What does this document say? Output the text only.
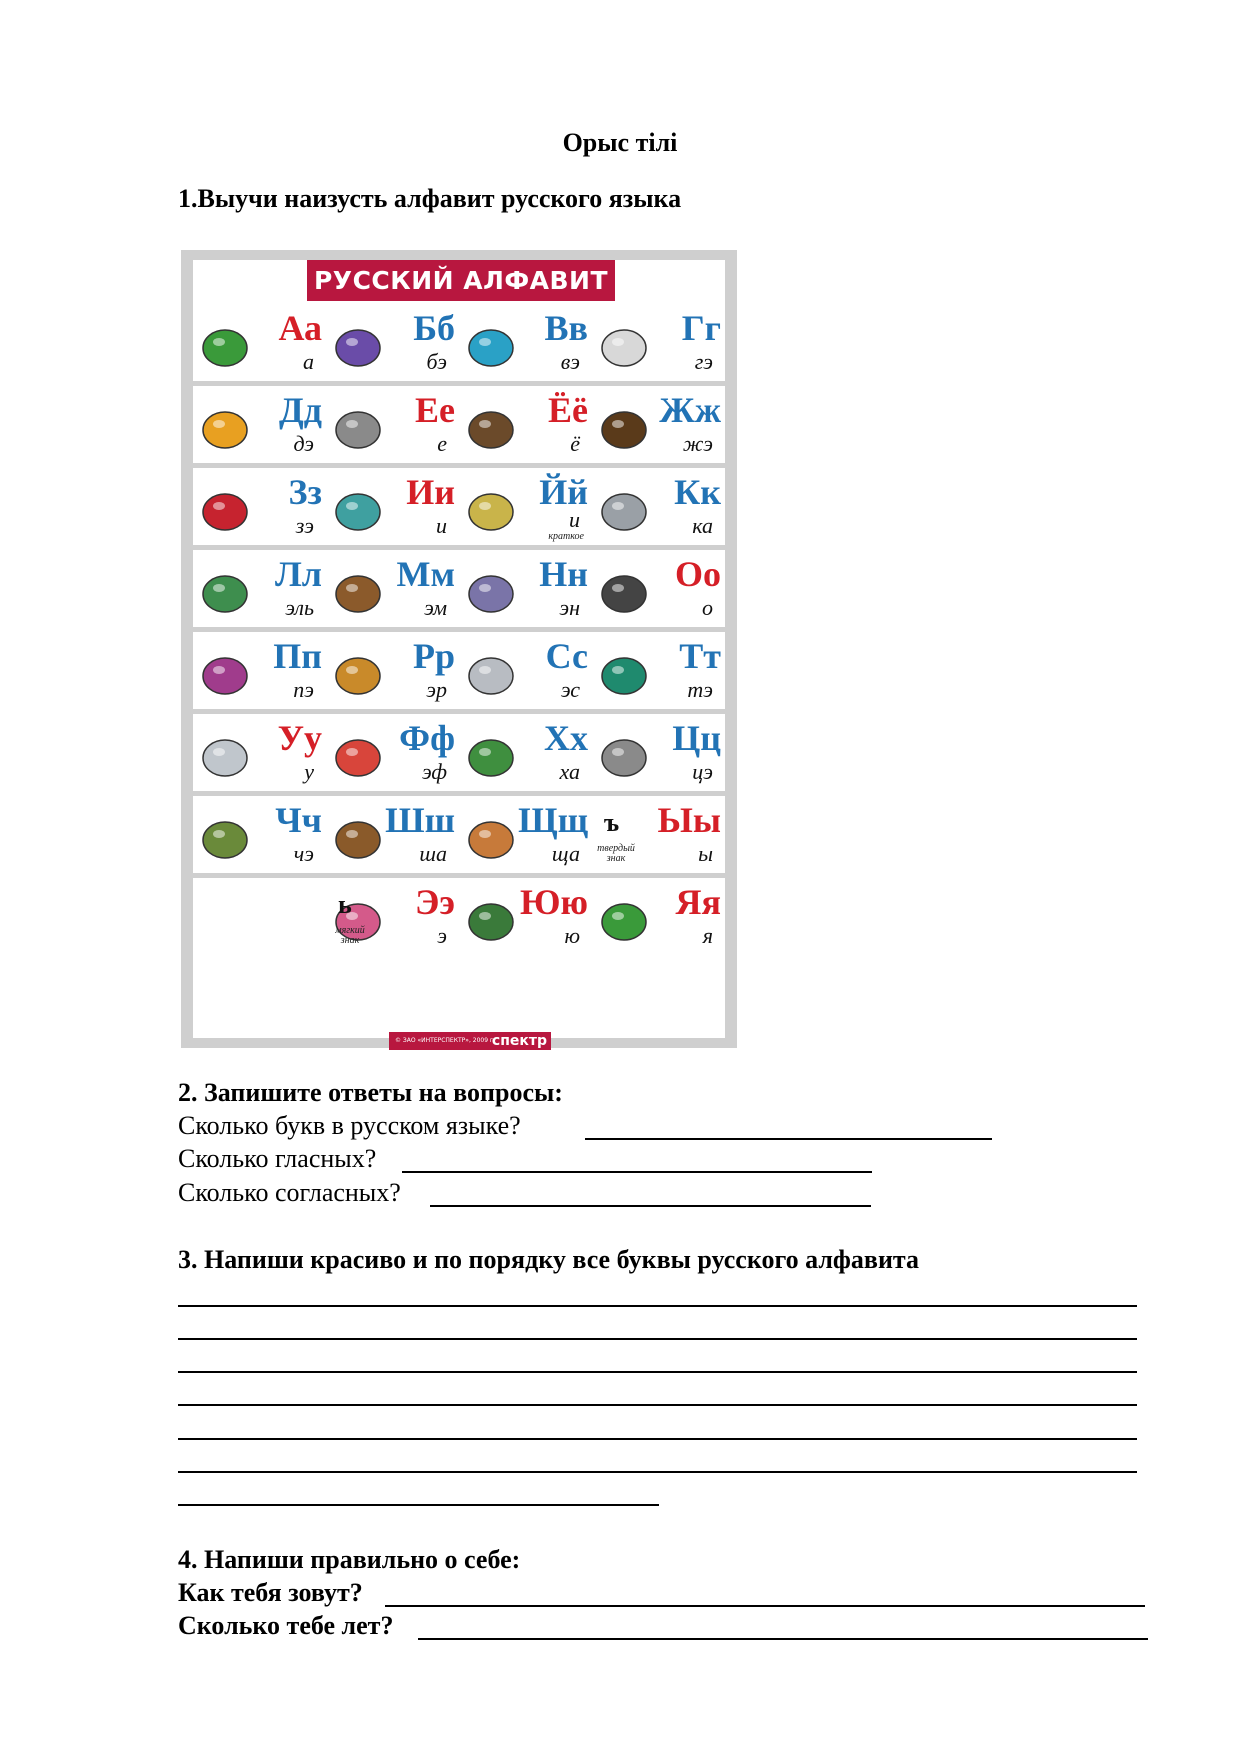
Орыс тілі
1.Выучи наизусть алфавит русского языка
РУССКИЙ АЛФАВИТ
Аа
а
Бб
бэ
Вв
вэ
Гг
гэ
Дд
дэ
Ее
е
Ёё
ё
Жж
жэ
Зз
зэ
Ии
и
Йй
и
краткое
Кк
ка
Лл
эль
Мм
эм
Нн
эн
Оо
о
Пп
пэ
Рр
эр
Сс
эс
Тт
тэ
Уу
у
Фф
эф
Хх
ха
Цц
цэ
Чч
чэ
Шш
ша
Щщ
ща
ъ
твердый знак
Ыы
ы
ь
мягкий знак
Ээ
э
Юю
ю
Яя
я
© ЗАО «ИНТЕРСПЕКТР», 2009 г.
спектр
2. Запишите ответы на вопросы:
Сколько букв в русском языке?
Сколько гласных?
Сколько согласных?
3. Напиши красиво и по порядку все буквы русского алфавита
4. Напиши правильно о себе:
Как тебя зовут?
Сколько тебе лет?
